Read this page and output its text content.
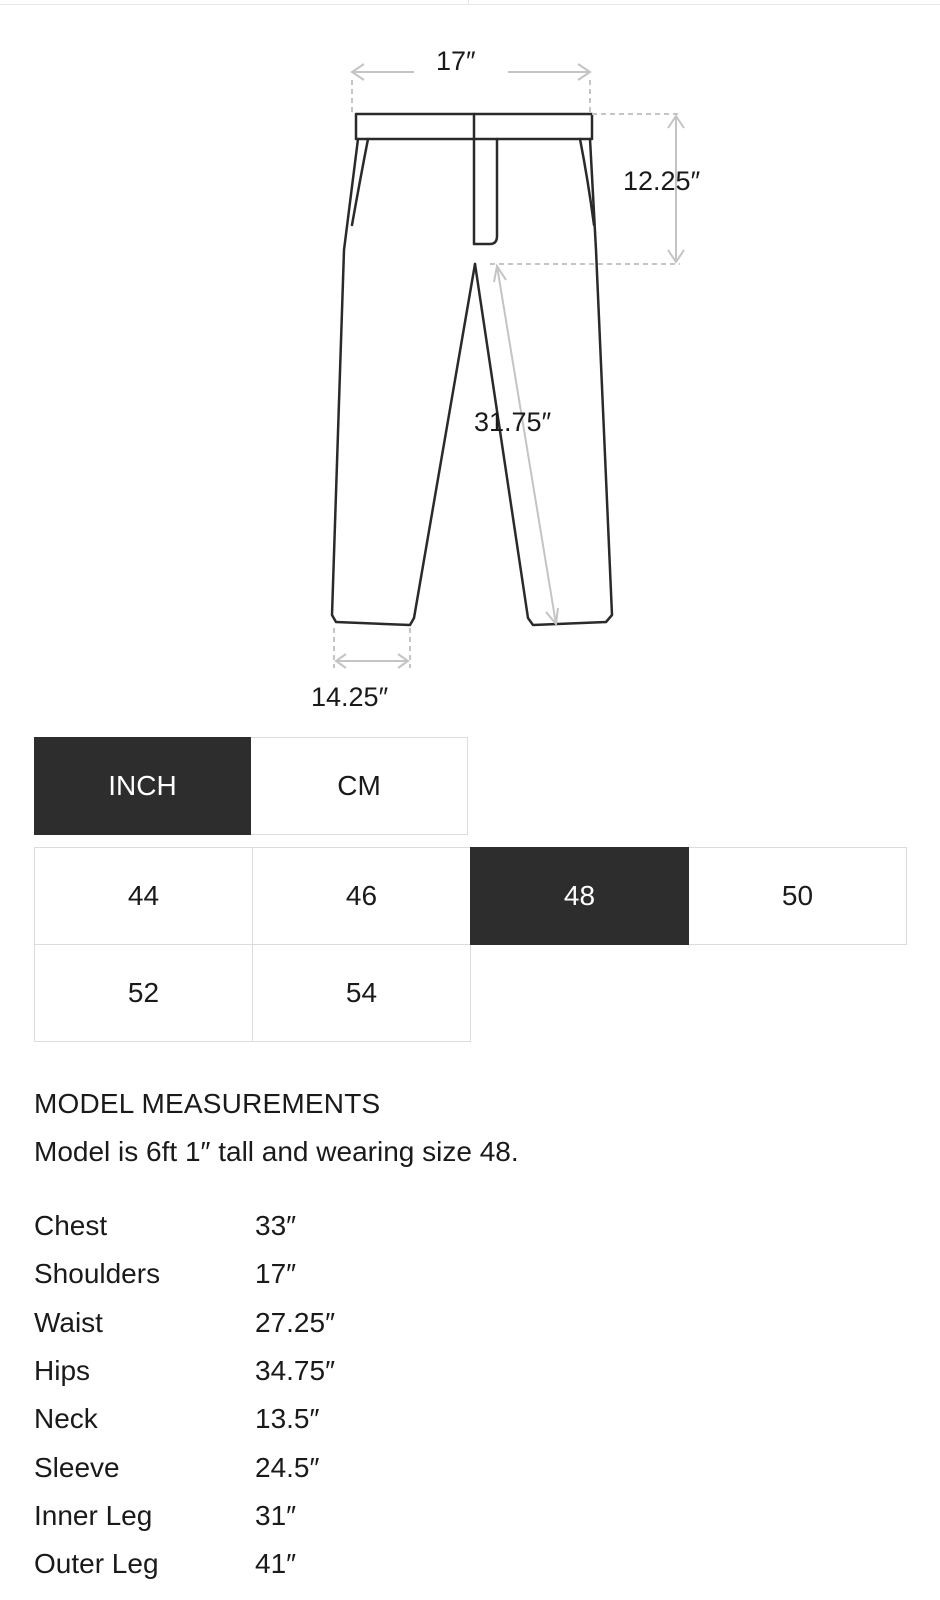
17″
12.25″
31.75″
14.25″
INCH	CM
44	46	48	50
52	54
MODEL MEASUREMENTS
Model is 6ft 1″ tall and wearing size 48.
Chest	33″
Shoulders	17″
Waist	27.25″
Hips	34.75″
Neck	13.5″
Sleeve	24.5″
Inner Leg	31″
Outer Leg	41″
